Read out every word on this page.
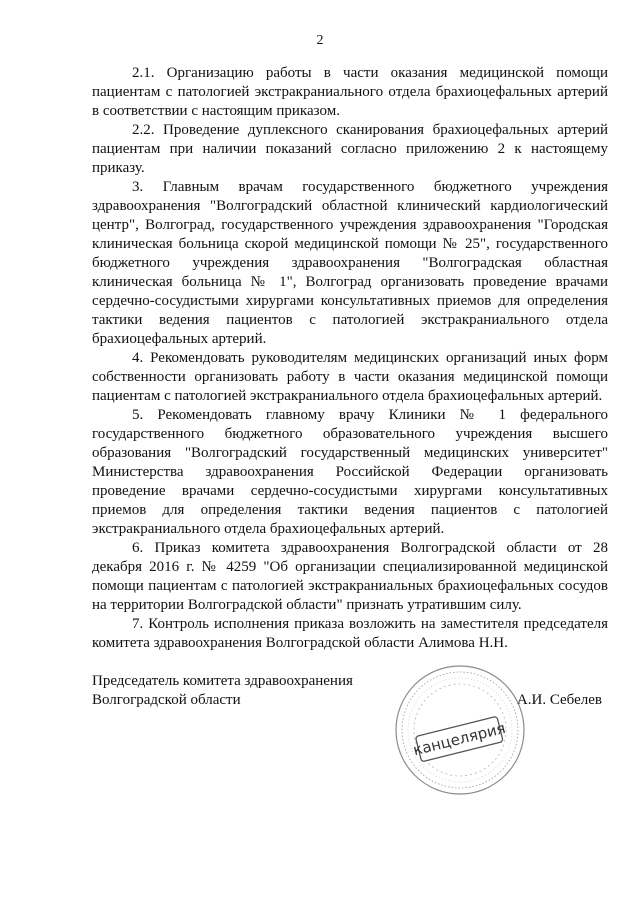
2

2.1. Организацию работы в части оказания медицинской помощи пациентам с патологией экстракраниального отдела брахиоцефальных артерий в соответствии с настоящим приказом.

2.2. Проведение дуплексного сканирования брахиоцефальных артерий пациентам при наличии показаний согласно приложению 2 к настоящему приказу.

3. Главным врачам государственного бюджетного учреждения здравоохранения "Волгоградский областной клинический кардиологический центр", Волгоград, государственного учреждения здравоохранения "Городская клиническая больница скорой медицинской помощи № 25", государственного бюджетного учреждения здравоохранения "Волгоградская областная клиническая больница № 1", Волгоград организовать проведение врачами сердечно-сосудистыми хирургами консультативных приемов для определения тактики ведения пациентов с патологией экстракраниального отдела брахиоцефальных артерий.

4. Рекомендовать руководителям медицинских организаций иных форм собственности организовать работу в части оказания медицинской помощи пациентам с патологией экстракраниального отдела брахиоцефальных артерий.

5. Рекомендовать главному врачу Клиники № 1 федерального государственного бюджетного образовательного учреждения высшего образования "Волгоградский государственный медицинских университет" Министерства здравоохранения Российской Федерации организовать проведение врачами сердечно-сосудистыми хирургами консультативных приемов для определения тактики ведения пациентов с патологией экстракраниального отдела брахиоцефальных артерий.

6. Приказ комитета здравоохранения Волгоградской области от 28 декабря 2016 г. № 4259 "Об организации специализированной медицинской помощи пациентам с патологией экстракраниальных брахиоцефальных сосудов на территории Волгоградской области" признать утратившим силу.

7. Контроль исполнения приказа возложить на заместителя председателя комитета здравоохранения Волгоградской области Алимова Н.Н.

Председатель комитета здравоохранения

Волгоградской области	А.И. Себелев
канцелярия
